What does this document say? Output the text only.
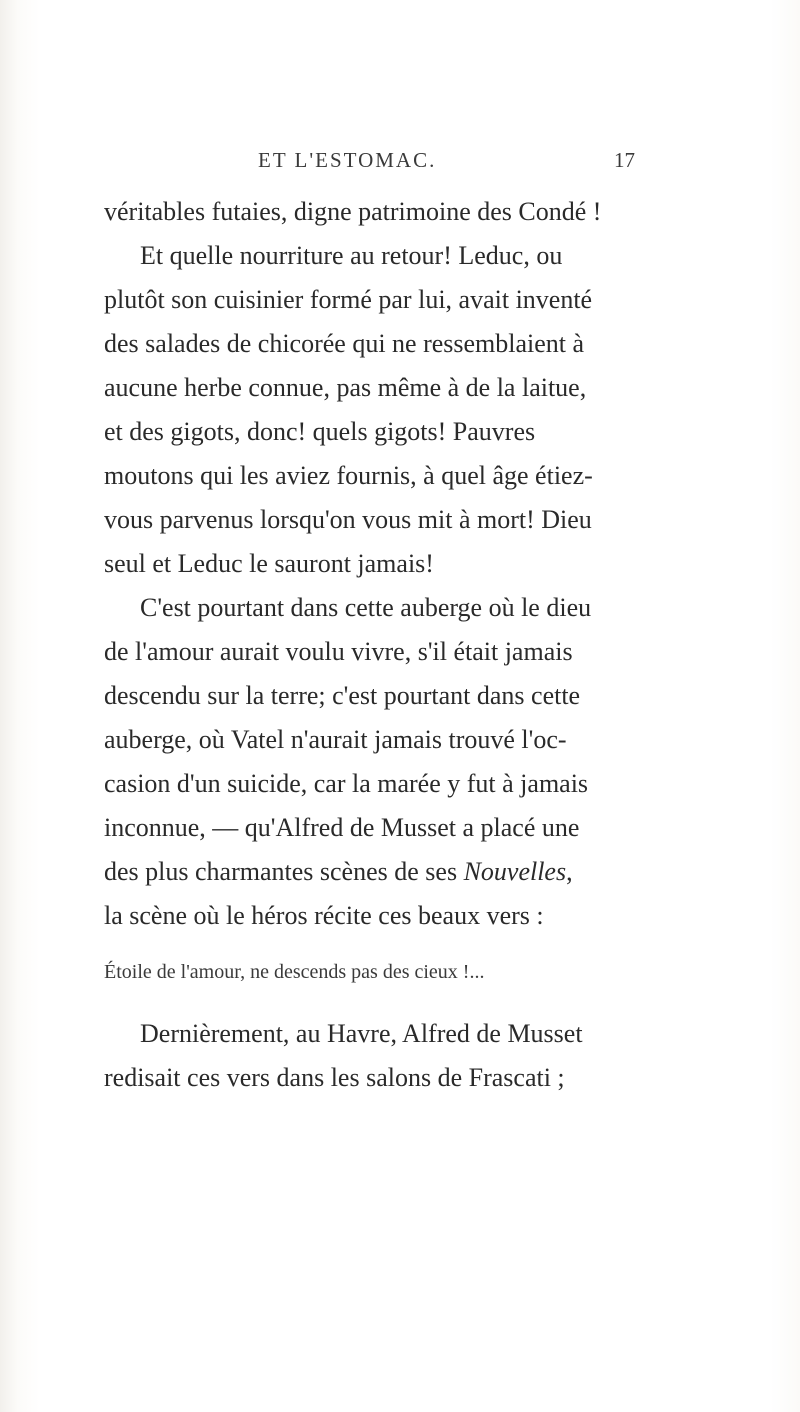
ET L'ESTOMAC.	17
véritables futaies, digne patrimoine des Condé !
Et quelle nourriture au retour! Leduc, ou
plutôt son cuisinier formé par lui, avait inventé
des salades de chicorée qui ne ressemblaient à
aucune herbe connue, pas même à de la laitue,
et des gigots, donc! quels gigots! Pauvres
moutons qui les aviez fournis, à quel âge étiez-
vous parvenus lorsqu'on vous mit à mort! Dieu
seul et Leduc le sauront jamais!
C'est pourtant dans cette auberge où le dieu
de l'amour aurait voulu vivre, s'il était jamais
descendu sur la terre; c'est pourtant dans cette
auberge, où Vatel n'aurait jamais trouvé l'oc-
casion d'un suicide, car la marée y fut à jamais
inconnue, — qu'Alfred de Musset a placé une
des plus charmantes scènes de ses Nouvelles,
la scène où le héros récite ces beaux vers :
Étoile de l'amour, ne descends pas des cieux !...
Dernièrement, au Havre, Alfred de Musset
redisait ces vers dans les salons de Frascati ;
